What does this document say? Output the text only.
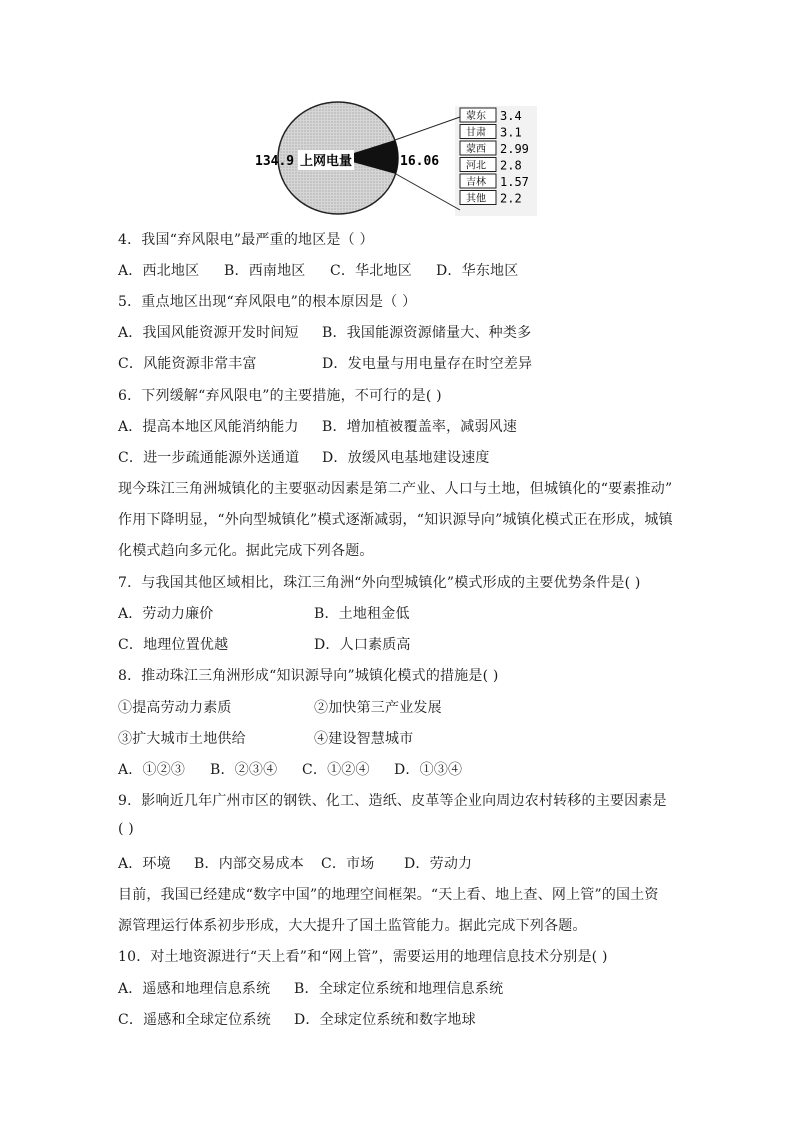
上网电量
134.9	16.06
蒙东 3.4
甘肃 3.1
蒙西 2.99
河北 2.8
吉林 1.57
其他 2.2
4．我国“弃风限电”最严重的地区是（ ）
A．西北地区 B．西南地区 C．华北地区 D．华东地区
5．重点地区出现“弃风限电”的根本原因是（ ）
A．我国风能资源开发时间短 B．我国能源资源储量大、种类多
C．风能资源非常丰富	D．发电量与用电量存在时空差异
6．下列缓解“弃风限电”的主要措施，不可行的是( )
A．提高本地区风能消纳能力 B．增加植被覆盖率，减弱风速
C．进一步疏通能源外送通道 D．放缓风电基地建设速度
现今珠江三角洲城镇化的主要驱动因素是第二产业、人口与土地，但城镇化的“要素推动”
作用下降明显，“外向型城镇化”模式逐渐减弱，“知识源导向”城镇化模式正在形成，城镇
化模式趋向多元化。据此完成下列各题。
7．与我国其他区域相比，珠江三角洲“外向型城镇化”模式形成的主要优势条件是( )
A．劳动力廉价	B．土地租金低
C．地理位置优越	D．人口素质高
8．推动珠江三角洲形成“知识源导向”城镇化模式的措施是( )
①提高劳动力素质	②加快第三产业发展
③扩大城市土地供给	④建设智慧城市
A．①②③ B．②③④ C．①②④ D．①③④
9．影响近几年广州市区的钢铁、化工、造纸、皮革等企业向周边农村转移的主要因素是
( )
A．环境 B．内部交易成本 C．市场 D．劳动力
目前，我国已经建成“数字中国”的地理空间框架。“天上看、地上查、网上管”的国土资
源管理运行体系初步形成，大大提升了国土监管能力。据此完成下列各题。
10．对土地资源进行“天上看”和“网上管”，需要运用的地理信息技术分别是( )
A．遥感和地理信息系统 B．全球定位系统和地理信息系统
C．遥感和全球定位系统 D．全球定位系统和数字地球
